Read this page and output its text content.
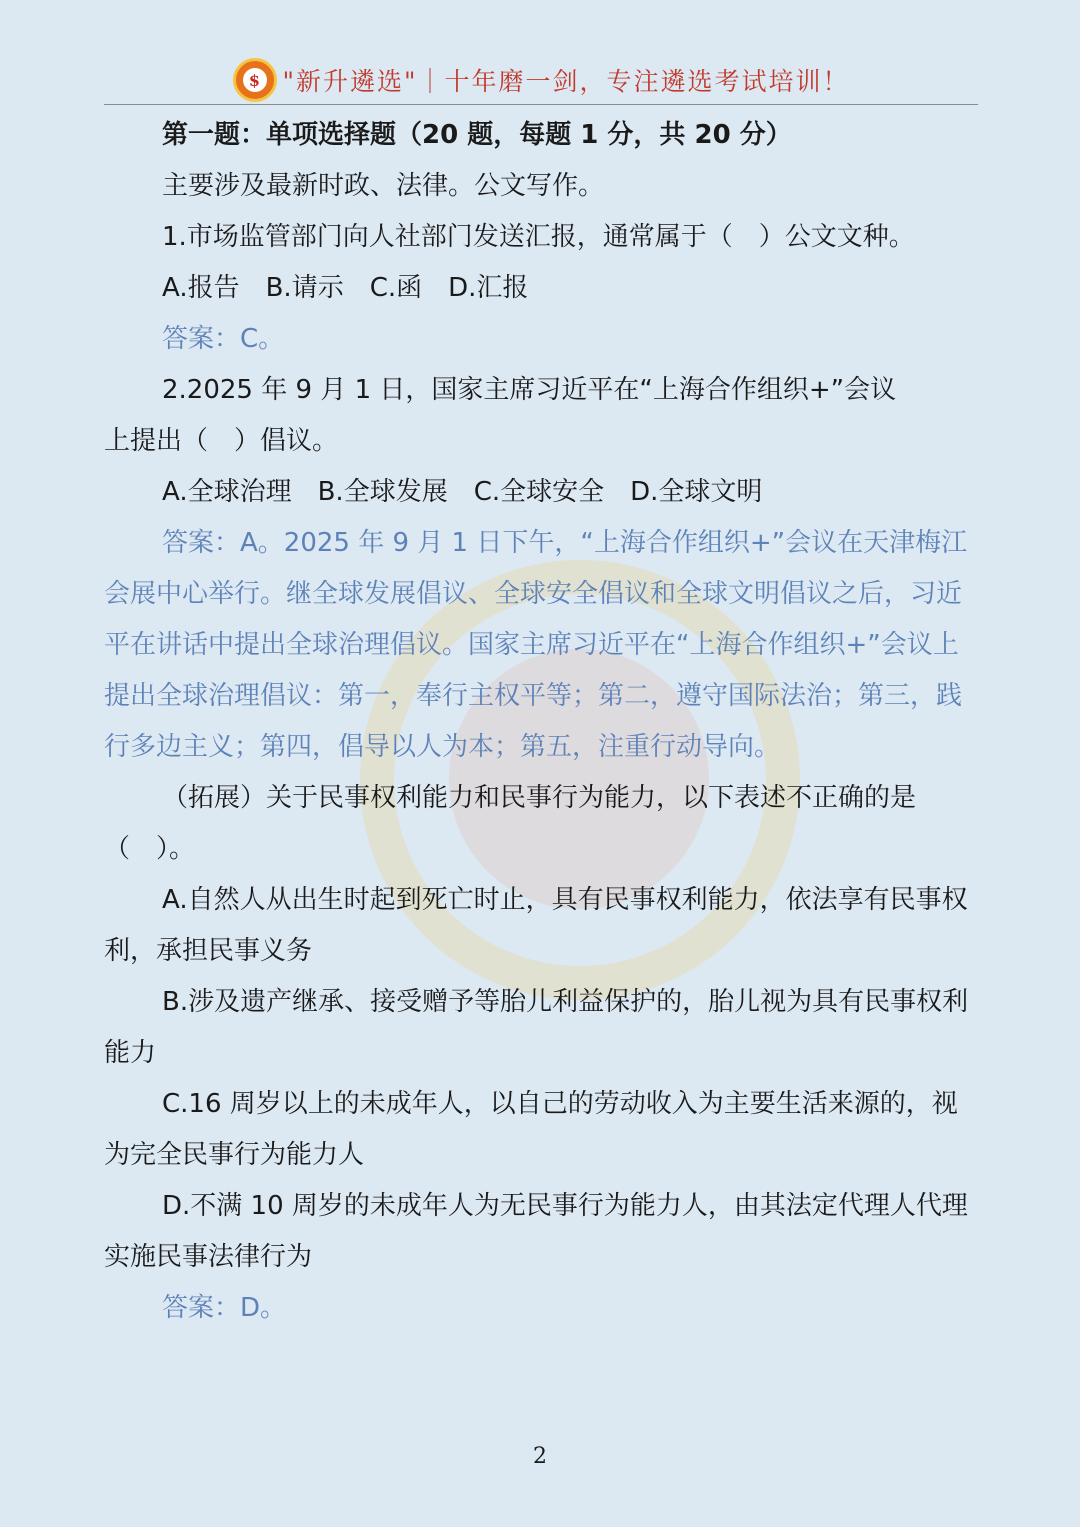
$ "新升遴选"｜十年磨一剑，专注遴选考试培训！

第一题：单项选择题（20 题，每题 1 分，共 20 分）

主要涉及最新时政、法律。公文写作。

1.市场监管部门向人社部门发送汇报，通常属于（　）公文文种。

A.报告　B.请示　C.函　D.汇报

答案：C。

2.2025 年 9 月 1 日，国家主席习近平在“上海合作组织+”会议

上提出（　）倡议。

A.全球治理　B.全球发展　C.全球安全　D.全球文明

答案：A。2025 年 9 月 1 日下午，“上海合作组织+”会议在天津梅江会展中心举行。继全球发展倡议、全球安全倡议和全球文明倡议之后，习近平在讲话中提出全球治理倡议。国家主席习近平在“上海合作组织+”会议上提出全球治理倡议：第一，奉行主权平等；第二，遵守国际法治；第三，践行多边主义；第四，倡导以人为本；第五，注重行动导向。

（拓展）关于民事权利能力和民事行为能力，以下表述不正确的是（　）。

A.自然人从出生时起到死亡时止，具有民事权利能力，依法享有民事权利，承担民事义务

B.涉及遗产继承、接受赠予等胎儿利益保护的，胎儿视为具有民事权利能力

C.16 周岁以上的未成年人，以自己的劳动收入为主要生活来源的，视为完全民事行为能力人

D.不满 10 周岁的未成年人为无民事行为能力人，由其法定代理人代理实施民事法律行为

答案：D。

2
